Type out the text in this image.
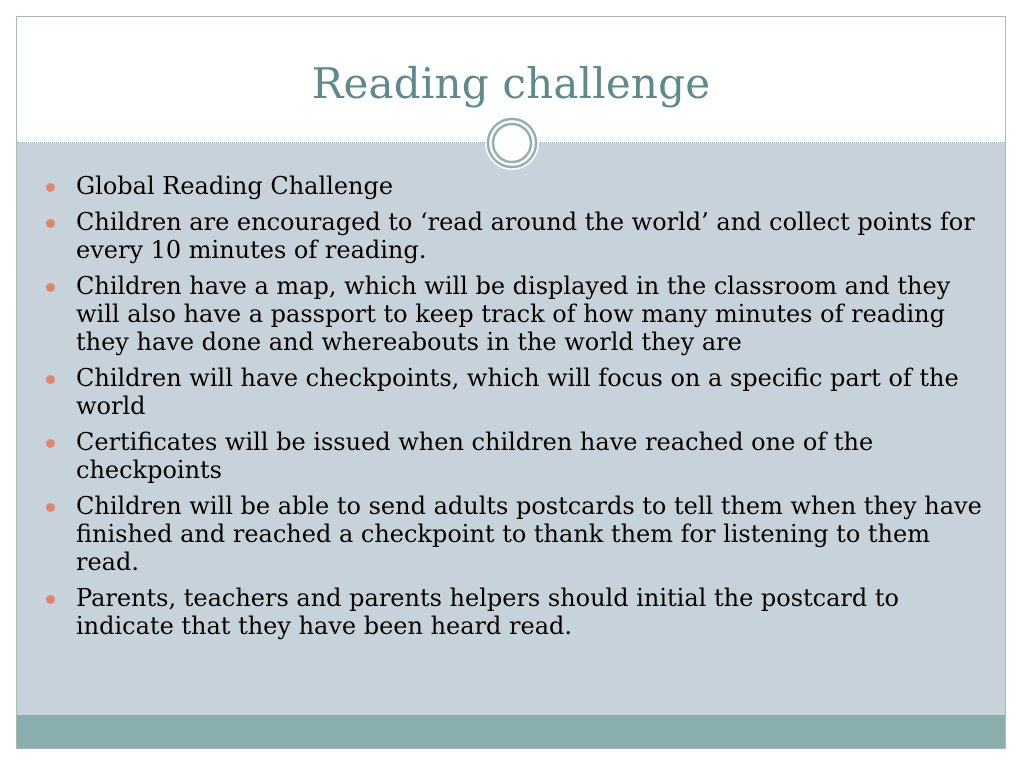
Reading challenge
Global Reading Challenge
Children are encouraged to ‘read around the world’ and collect points for every 10 minutes of reading.
Children have a map, which will be displayed in the classroom and they will also have a passport to keep track of how many minutes of reading they have done and whereabouts in the world they are
Children will have checkpoints, which will focus on a specific part of the world
Certificates will be issued when children have reached one of the checkpoints
Children will be able to send adults postcards to tell them when they have finished and reached a checkpoint to thank them for listening to them read.
Parents, teachers and parents helpers should initial the postcard to indicate that they have been heard read.
